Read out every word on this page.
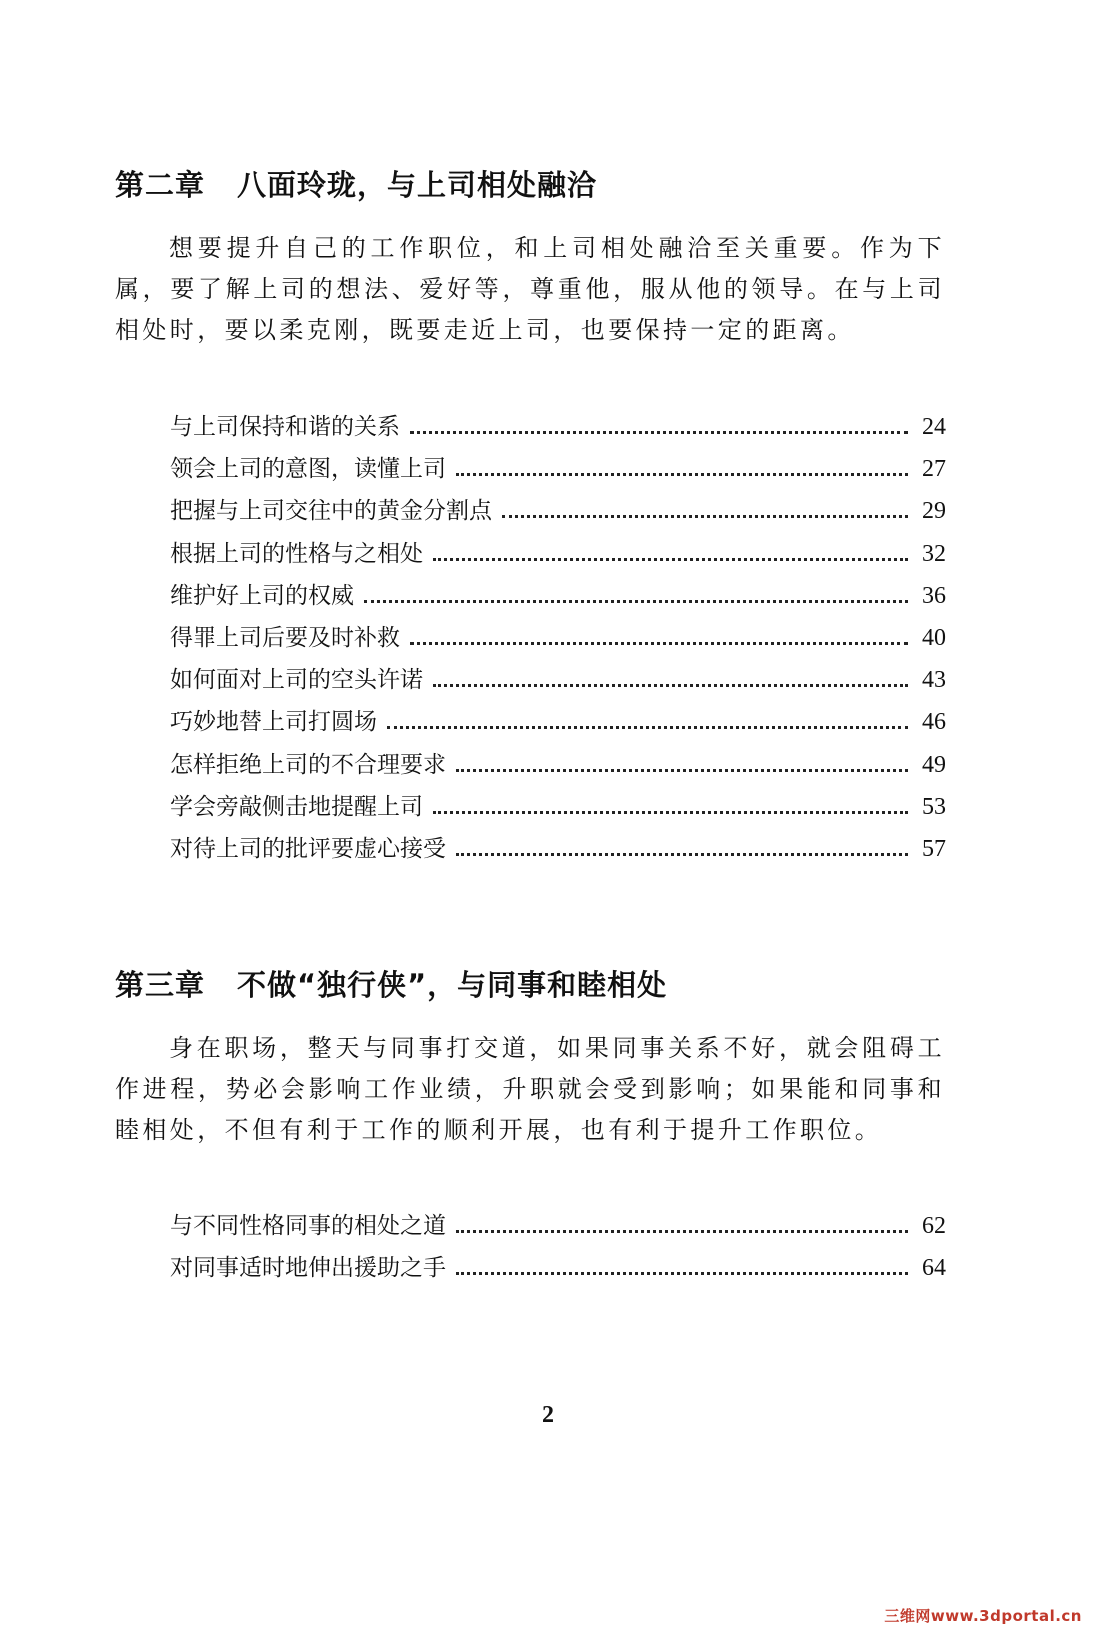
第二章 八面玲珑，与上司相处融洽

想要提升自己的工作职位，和上司相处融洽至关重要。作为下属，要了解上司的想法、爱好等，尊重他，服从他的领导。在与上司相处时，要以柔克刚，既要走近上司，也要保持一定的距离。

与上司保持和谐的关系	24
领会上司的意图，读懂上司	27
把握与上司交往中的黄金分割点	29
根据上司的性格与之相处	32
维护好上司的权威	36
得罪上司后要及时补救	40
如何面对上司的空头许诺	43
巧妙地替上司打圆场	46
怎样拒绝上司的不合理要求	49
学会旁敲侧击地提醒上司	53
对待上司的批评要虚心接受	57
第三章 不做“独行侠”，与同事和睦相处

身在职场，整天与同事打交道，如果同事关系不好，就会阻碍工作进程，势必会影响工作业绩，升职就会受到影响；如果能和同事和睦相处，不但有利于工作的顺利开展，也有利于提升工作职位。

与不同性格同事的相处之道	62
对同事适时地伸出援助之手	64
2
三维网www.3dportal.cn
